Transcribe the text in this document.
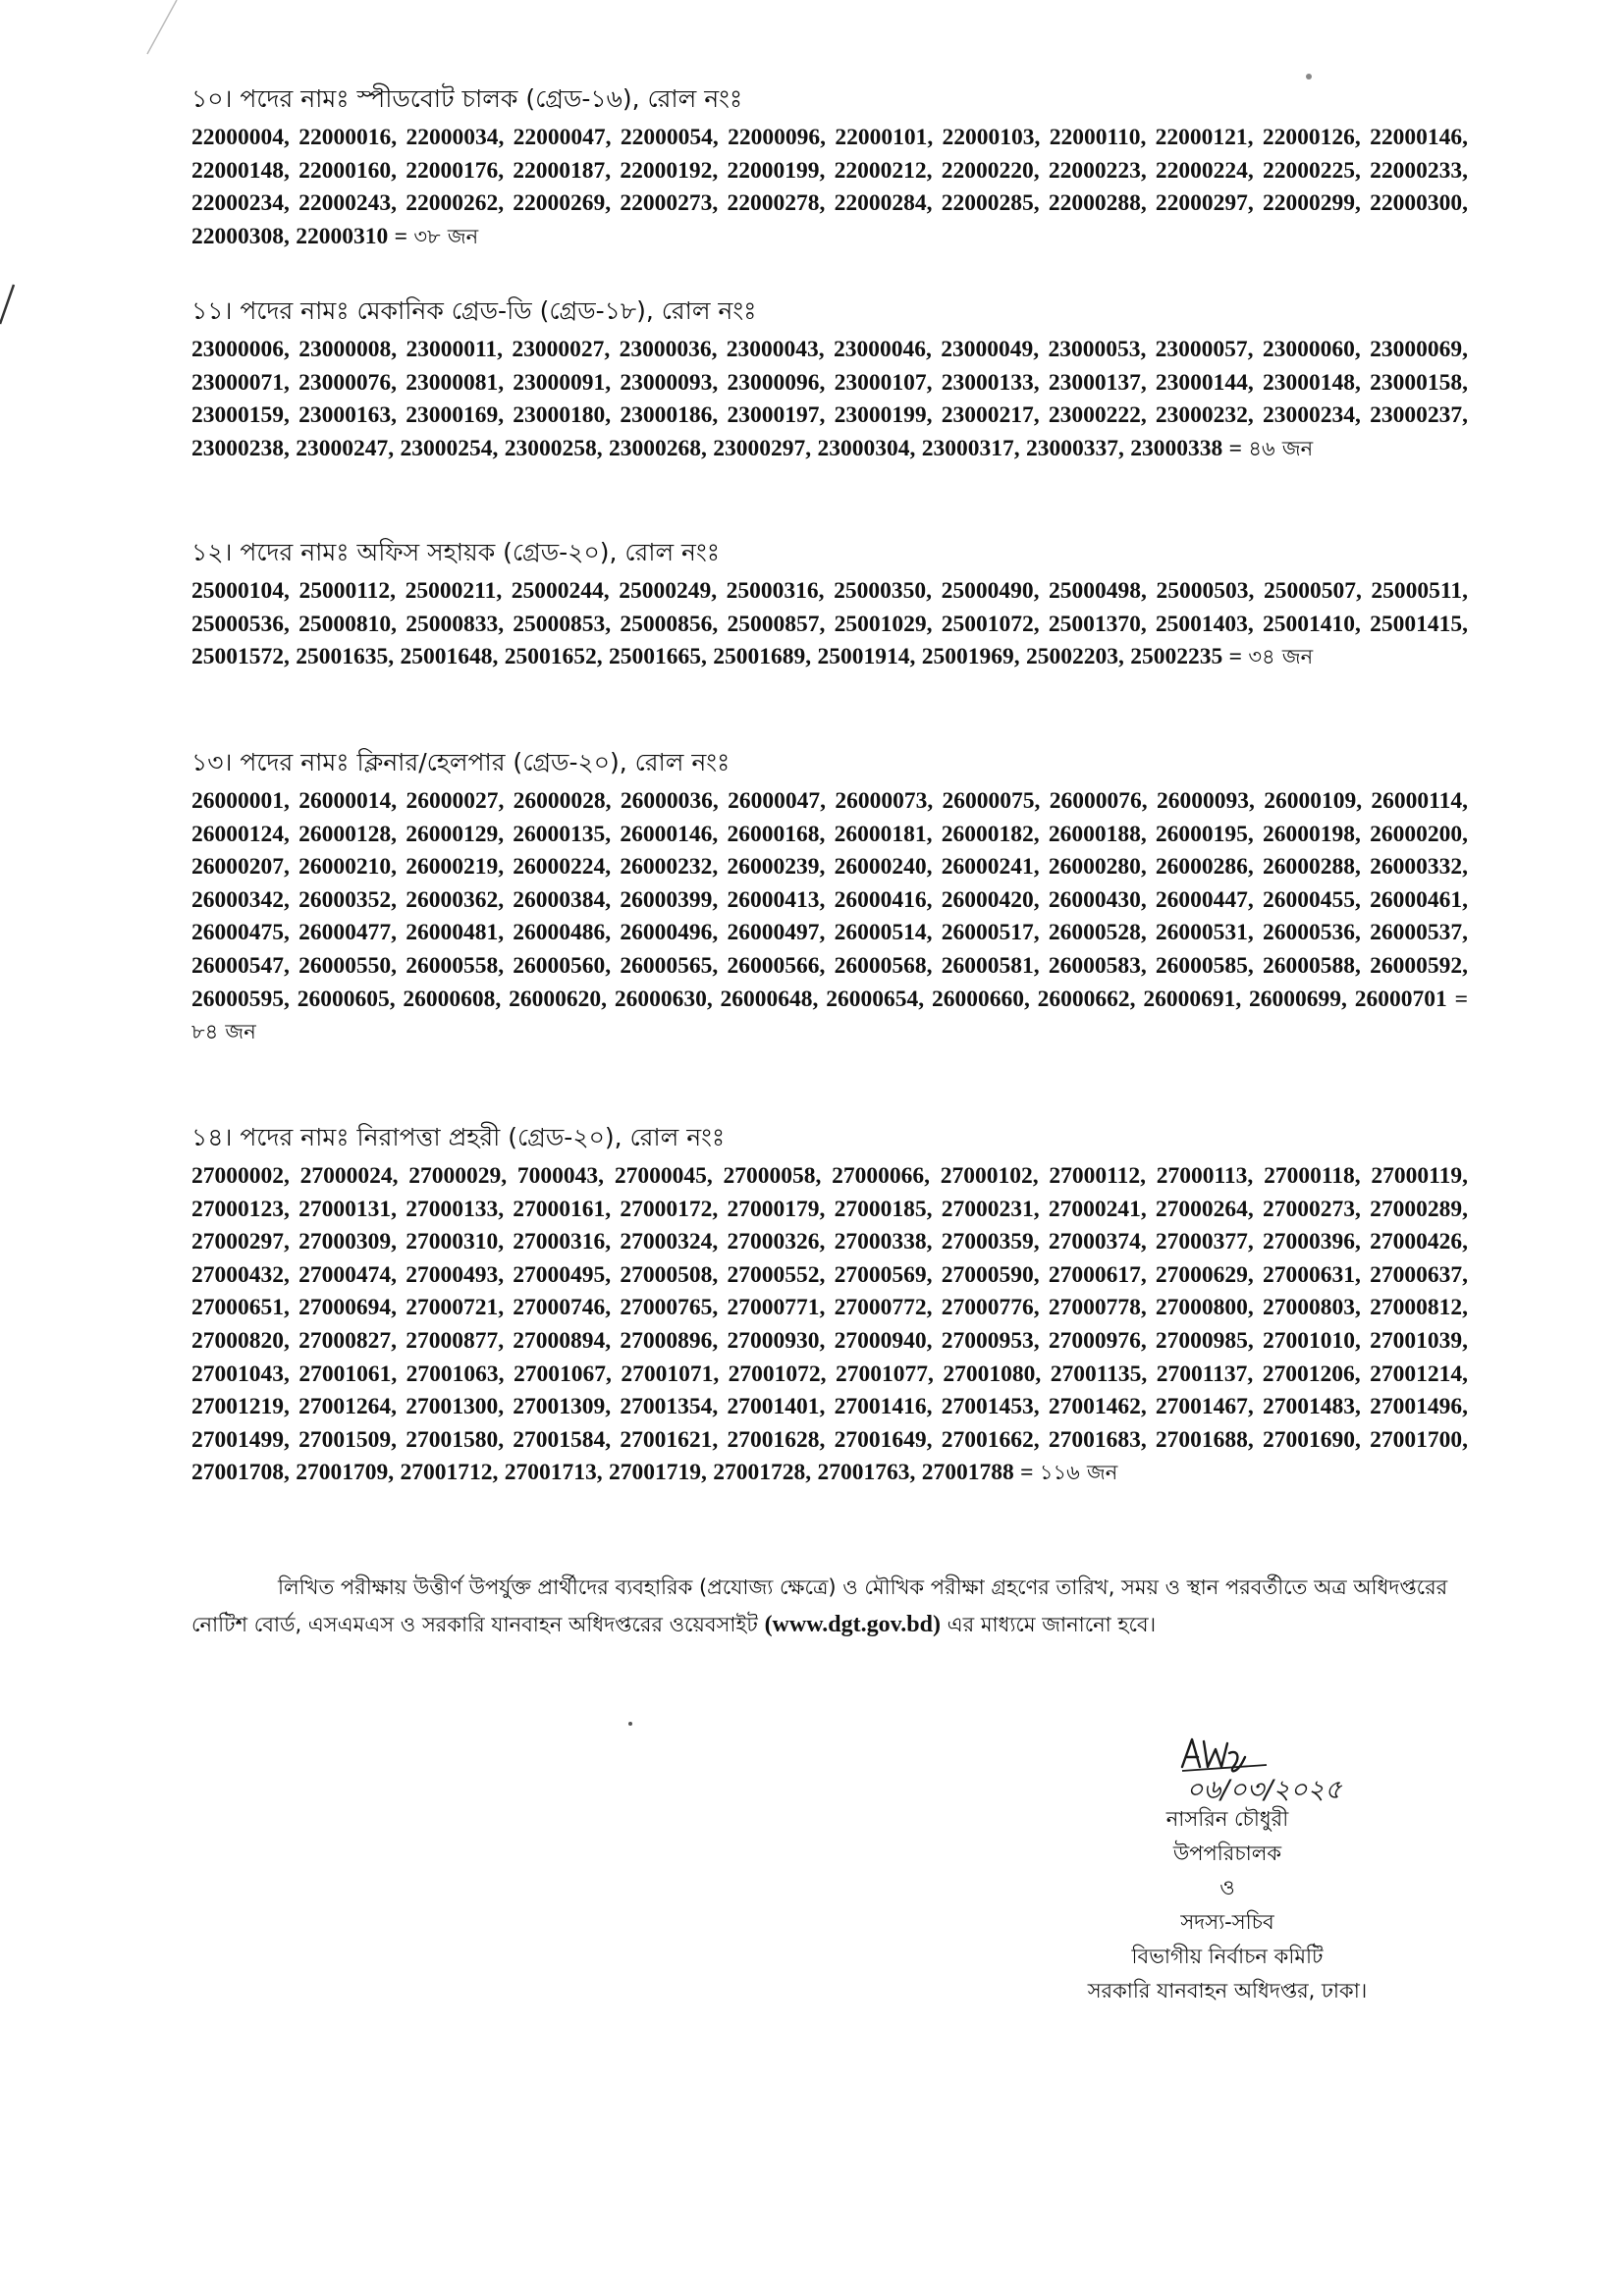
১০। পদের নামঃ স্পীডবোট চালক (গ্রেড-১৬), রোল নংঃ

22000004, 22000016, 22000034, 22000047, 22000054, 22000096, 22000101, 22000103, 22000110, 22000121, 22000126, 22000146, 22000148, 22000160, 22000176, 22000187, 22000192, 22000199, 22000212, 22000220, 22000223, 22000224, 22000225, 22000233, 22000234, 22000243, 22000262, 22000269, 22000273, 22000278, 22000284, 22000285, 22000288, 22000297, 22000299, 22000300, 22000308, 22000310 = ৩৮ জন

১১। পদের নামঃ মেকানিক গ্রেড-ডি (গ্রেড-১৮), রোল নংঃ

23000006, 23000008, 23000011, 23000027, 23000036, 23000043, 23000046, 23000049, 23000053, 23000057, 23000060, 23000069, 23000071, 23000076, 23000081, 23000091, 23000093, 23000096, 23000107, 23000133, 23000137, 23000144, 23000148, 23000158, 23000159, 23000163, 23000169, 23000180, 23000186, 23000197, 23000199, 23000217, 23000222, 23000232, 23000234, 23000237, 23000238, 23000247, 23000254, 23000258, 23000268, 23000297, 23000304, 23000317, 23000337, 23000338 = ৪৬ জন

১২। পদের নামঃ অফিস সহায়ক (গ্রেড-২০), রোল নংঃ

25000104, 25000112, 25000211, 25000244, 25000249, 25000316, 25000350, 25000490, 25000498, 25000503, 25000507, 25000511, 25000536, 25000810, 25000833, 25000853, 25000856, 25000857, 25001029, 25001072, 25001370, 25001403, 25001410, 25001415, 25001572, 25001635, 25001648, 25001652, 25001665, 25001689, 25001914, 25001969, 25002203, 25002235 = ৩৪ জন

১৩। পদের নামঃ ক্লিনার/হেলপার (গ্রেড-২০), রোল নংঃ

26000001, 26000014, 26000027, 26000028, 26000036, 26000047, 26000073, 26000075, 26000076, 26000093, 26000109, 26000114, 26000124, 26000128, 26000129, 26000135, 26000146, 26000168, 26000181, 26000182, 26000188, 26000195, 26000198, 26000200, 26000207, 26000210, 26000219, 26000224, 26000232, 26000239, 26000240, 26000241, 26000280, 26000286, 26000288, 26000332, 26000342, 26000352, 26000362, 26000384, 26000399, 26000413, 26000416, 26000420, 26000430, 26000447, 26000455, 26000461, 26000475, 26000477, 26000481, 26000486, 26000496, 26000497, 26000514, 26000517, 26000528, 26000531, 26000536, 26000537, 26000547, 26000550, 26000558, 26000560, 26000565, 26000566, 26000568, 26000581, 26000583, 26000585, 26000588, 26000592, 26000595, 26000605, 26000608, 26000620, 26000630, 26000648, 26000654, 26000660, 26000662, 26000691, 26000699, 26000701 = ৮৪ জন

১৪। পদের নামঃ নিরাপত্তা প্রহরী (গ্রেড-২০), রোল নংঃ

27000002, 27000024, 27000029, 7000043, 27000045, 27000058, 27000066, 27000102, 27000112, 27000113, 27000118, 27000119, 27000123, 27000131, 27000133, 27000161, 27000172, 27000179, 27000185, 27000231, 27000241, 27000264, 27000273, 27000289, 27000297, 27000309, 27000310, 27000316, 27000324, 27000326, 27000338, 27000359, 27000374, 27000377, 27000396, 27000426, 27000432, 27000474, 27000493, 27000495, 27000508, 27000552, 27000569, 27000590, 27000617, 27000629, 27000631, 27000637, 27000651, 27000694, 27000721, 27000746, 27000765, 27000771, 27000772, 27000776, 27000778, 27000800, 27000803, 27000812, 27000820, 27000827, 27000877, 27000894, 27000896, 27000930, 27000940, 27000953, 27000976, 27000985, 27001010, 27001039, 27001043, 27001061, 27001063, 27001067, 27001071, 27001072, 27001077, 27001080, 27001135, 27001137, 27001206, 27001214, 27001219, 27001264, 27001300, 27001309, 27001354, 27001401, 27001416, 27001453, 27001462, 27001467, 27001483, 27001496, 27001499, 27001509, 27001580, 27001584, 27001621, 27001628, 27001649, 27001662, 27001683, 27001688, 27001690, 27001700, 27001708, 27001709, 27001712, 27001713, 27001719, 27001728, 27001763, 27001788 = ১১৬ জন

লিখিত পরীক্ষায় উত্তীর্ণ উপর্যুক্ত প্রার্থীদের ব্যবহারিক (প্রযোজ্য ক্ষেত্রে) ও মৌখিক পরীক্ষা গ্রহণের তারিখ, সময় ও স্থান পরবর্তীতে অত্র অধিদপ্তরের নোটিশ বোর্ড, এসএমএস ও সরকারি যানবাহন অধিদপ্তরের ওয়েবসাইট (www.dgt.gov.bd) এর মাধ্যমে জানানো হবে।

০৬/০৩/২০২৫
নাসরিন চৌধুরী
উপপরিচালক
ও
সদস্য-সচিব
বিভাগীয় নির্বাচন কমিটি
সরকারি যানবাহন অধিদপ্তর, ঢাকা।
